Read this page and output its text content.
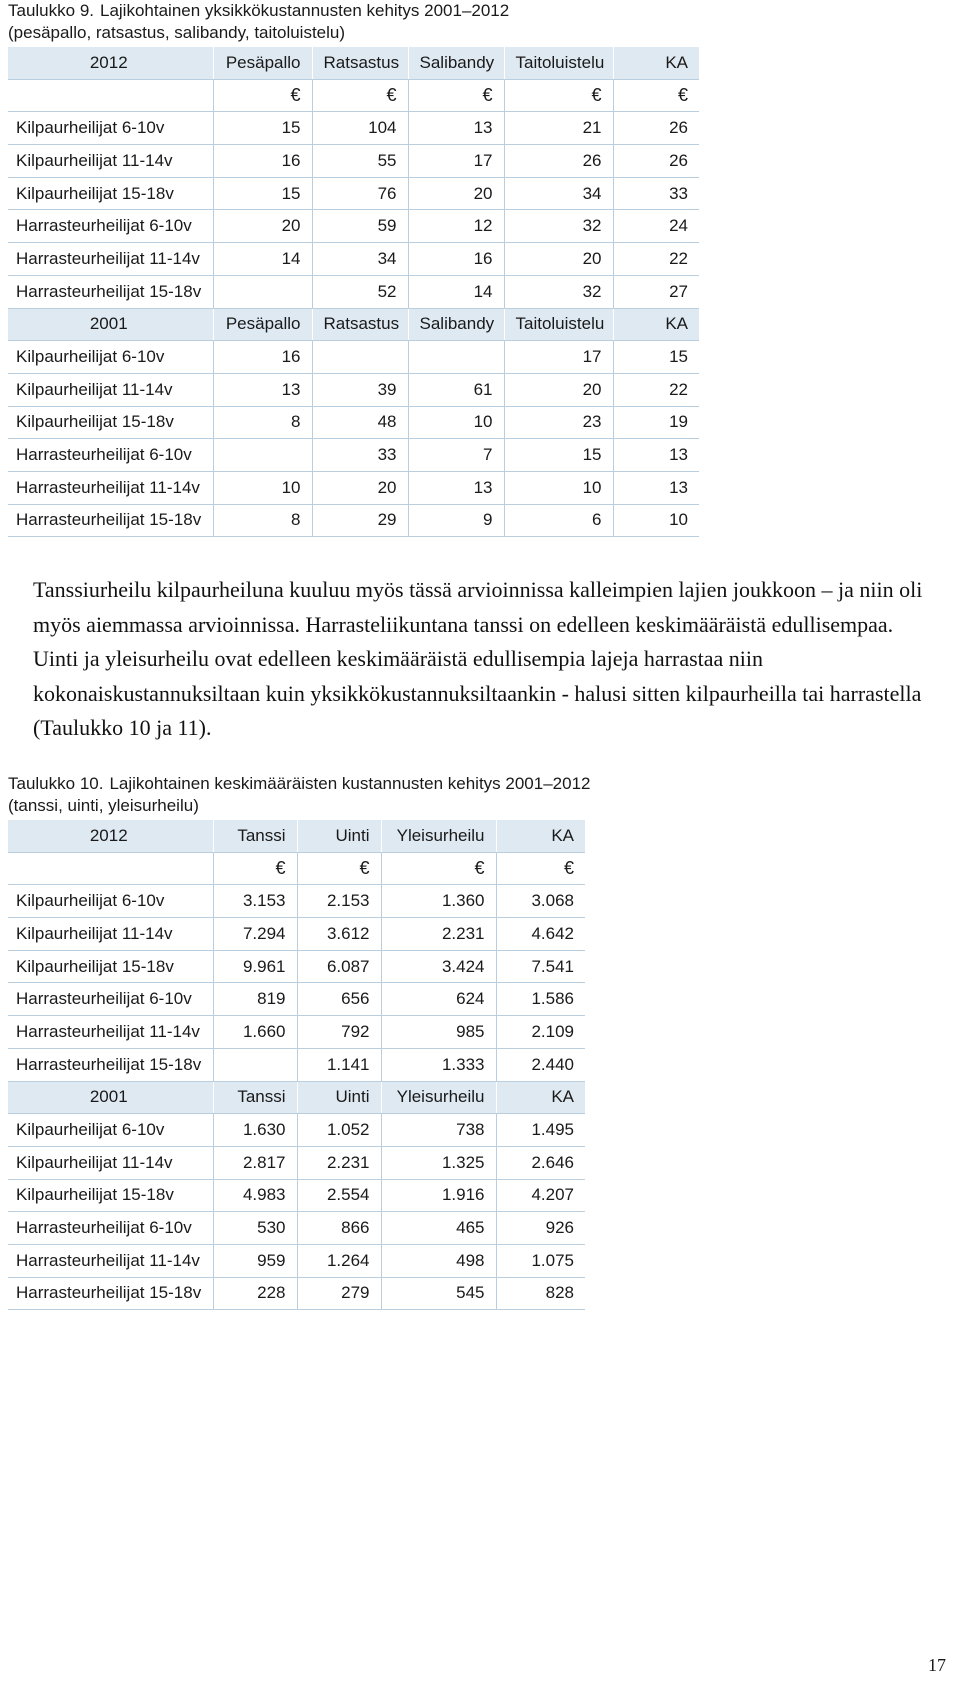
Taulukko 9. Lajikohtainen yksikkökustannusten kehitys 2001–2012
(pesäpallo, ratsastus, salibandy, taitoluistelu)
2012	Pesäpallo	Ratsastus	Salibandy	Taitoluistelu	KA
	€	€	€	€	€
Kilpaurheilijat 6-10v	15	104	13	21	26
Kilpaurheilijat 11-14v	16	55	17	26	26
Kilpaurheilijat 15-18v	15	76	20	34	33
Harrasteurheilijat 6-10v	20	59	12	32	24
Harrasteurheilijat 11-14v	14	34	16	20	22
Harrasteurheilijat 15-18v		52	14	32	27
2001	Pesäpallo	Ratsastus	Salibandy	Taitoluistelu	KA
Kilpaurheilijat 6-10v	16			17	15
Kilpaurheilijat 11-14v	13	39	61	20	22
Kilpaurheilijat 15-18v	8	48	10	23	19
Harrasteurheilijat 6-10v		33	7	15	13
Harrasteurheilijat 11-14v	10	20	13	10	13
Harrasteurheilijat 15-18v	8	29	9	6	10
Tanssiurheilu kilpaurheiluna kuuluu myös tässä arvioinnissa kalleimpien lajien joukkoon – ja niin oli myös aiemmassa arvioinnissa. Harrasteliikuntana tanssi on edelleen keskimääräistä edullisempaa. Uinti ja yleisurheilu ovat edelleen keskimääräistä edullisempia lajeja harrastaa niin kokonaiskustannuksiltaan kuin yksikkökustannuksiltaankin - halusi sitten kilpaurheilla tai harrastella (Taulukko 10 ja 11).
Taulukko 10. Lajikohtainen keskimääräisten kustannusten kehitys 2001–2012
(tanssi, uinti, yleisurheilu)
2012	Tanssi	Uinti	Yleisurheilu	KA
	€	€	€	€
Kilpaurheilijat 6-10v	3.153	2.153	1.360	3.068
Kilpaurheilijat 11-14v	7.294	3.612	2.231	4.642
Kilpaurheilijat 15-18v	9.961	6.087	3.424	7.541
Harrasteurheilijat 6-10v	819	656	624	1.586
Harrasteurheilijat 11-14v	1.660	792	985	2.109
Harrasteurheilijat 15-18v		1.141	1.333	2.440
2001	Tanssi	Uinti	Yleisurheilu	KA
Kilpaurheilijat 6-10v	1.630	1.052	738	1.495
Kilpaurheilijat 11-14v	2.817	2.231	1.325	2.646
Kilpaurheilijat 15-18v	4.983	2.554	1.916	4.207
Harrasteurheilijat 6-10v	530	866	465	926
Harrasteurheilijat 11-14v	959	1.264	498	1.075
Harrasteurheilijat 15-18v	228	279	545	828
17
